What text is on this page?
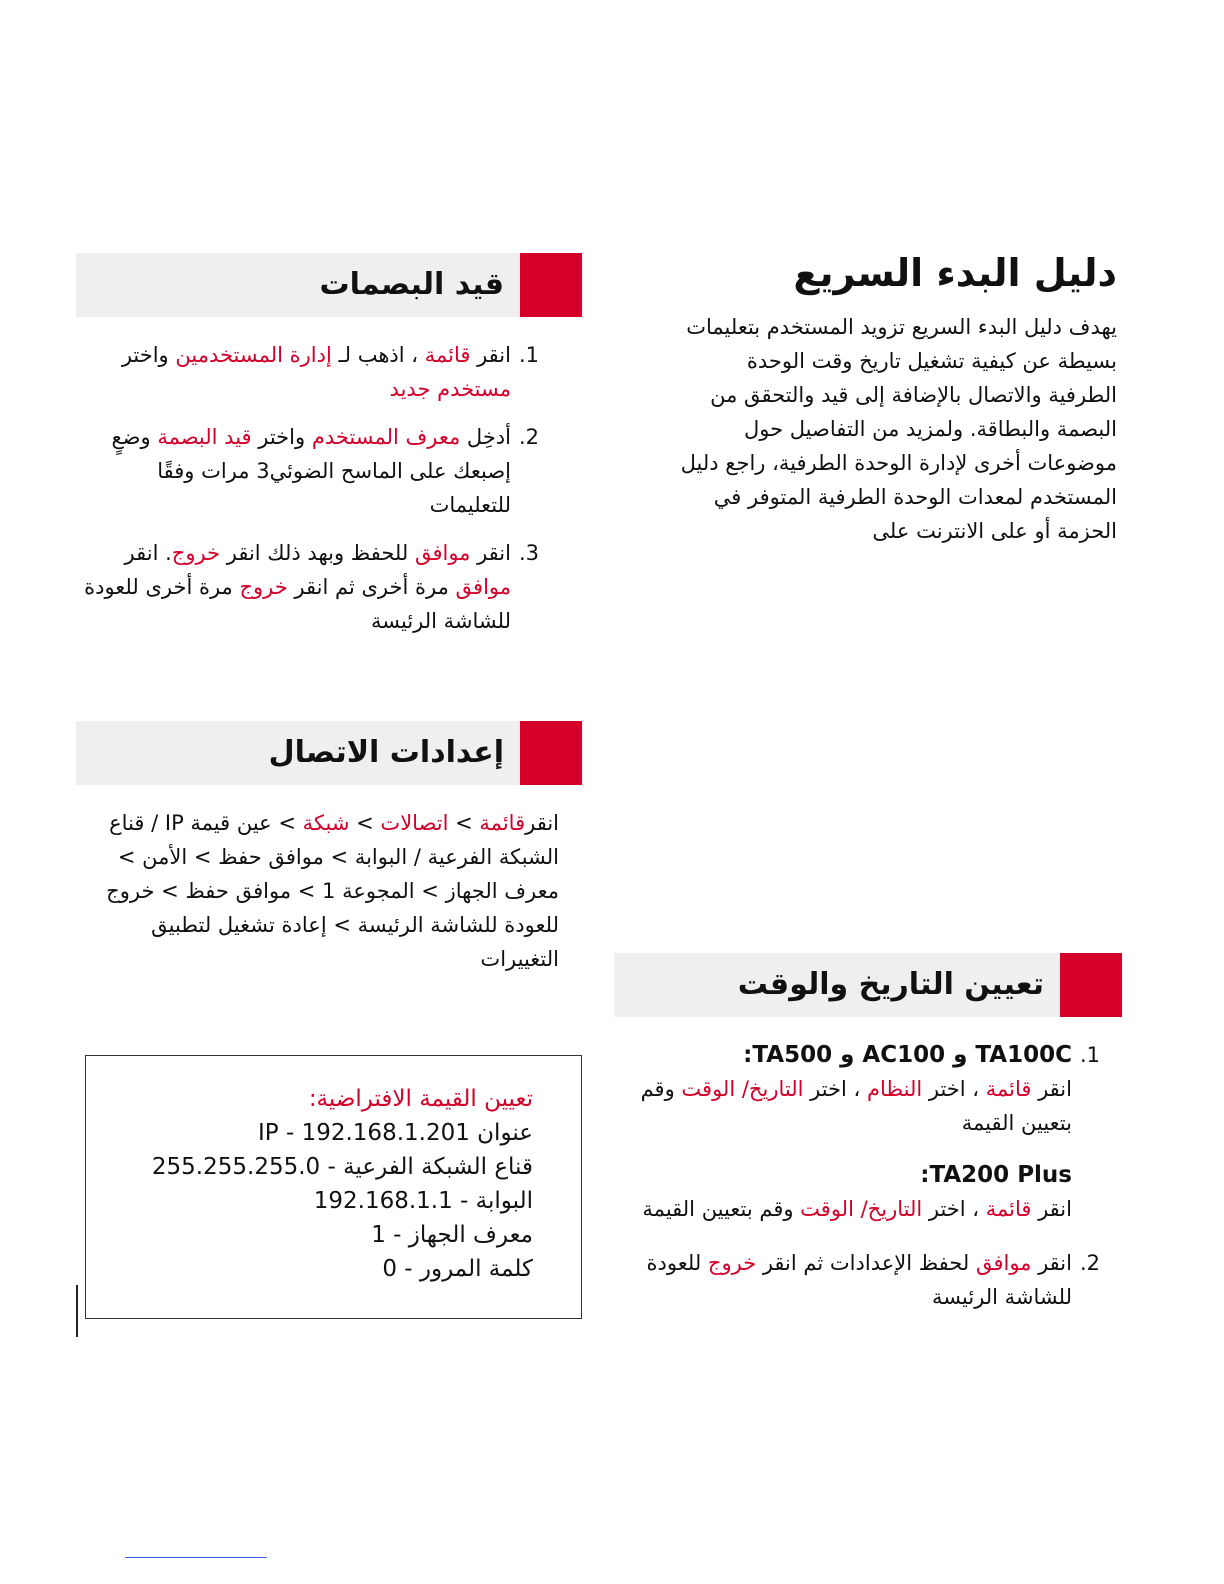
دليل البدء السريع

يهدف دليل البدء السريع تزويد المستخدم بتعليمات بسيطة عن كيفية تشغيل تاريخ وقت الوحدة الطرفية والاتصال بالإضافة إلى قيد والتحقق من البصمة والبطاقة. ولمزيد من التفاصيل حول موضوعات أخرى لإدارة الوحدة الطرفية، راجع دليل المستخدم لمعدات الوحدة الطرفية المتوفر في الحزمة أو على الانترنت على

قيد البصمات
1.
انقر قائمة ، اذهب لـ إدارة المستخدمين واختر مستخدم جديد
2.
أدخِل معرف المستخدم واختر قيد البصمة وضعٍ إصبعك على الماسح الضوئي3 مرات وفقًا للتعليمات
3.
انقر موافق للحفظ وبهد ذلك انقر خروج. انقر موافق مرة أخرى ثم انقر خروج مرة أخرى للعودة للشاشة الرئيسة
إعدادات الاتصال

انقرقائمة > اتصالات > شبكة > عين قيمة IP / قناع الشبكة الفرعية / البوابة > موافق حفظ > الأمن > معرف الجهاز > المجوعة 1 > موافق حفظ > خروج للعودة للشاشة الرئيسة > إعادة تشغيل لتطبيق التغييرات

تعيين القيمة الافتراضية:
عنوان IP - 192.168.1.201
قناع الشبكة الفرعية - 255.255.255.0
البوابة - 192.168.1.1
معرف الجهاز - 1
كلمة المرور - 0
تعيين التاريخ والوقت
1.
TA100C و AC100 و TA500:
انقر قائمة ، اختر النظام ، اختر التاريخ/ الوقت وقم بتعيين القيمة
TA200 Plus:
انقر قائمة ، اختر التاريخ/ الوقت وقم بتعيين القيمة
2.
انقر موافق لحفظ الإعدادات ثم انقر خروج للعودة للشاشة الرئيسة
